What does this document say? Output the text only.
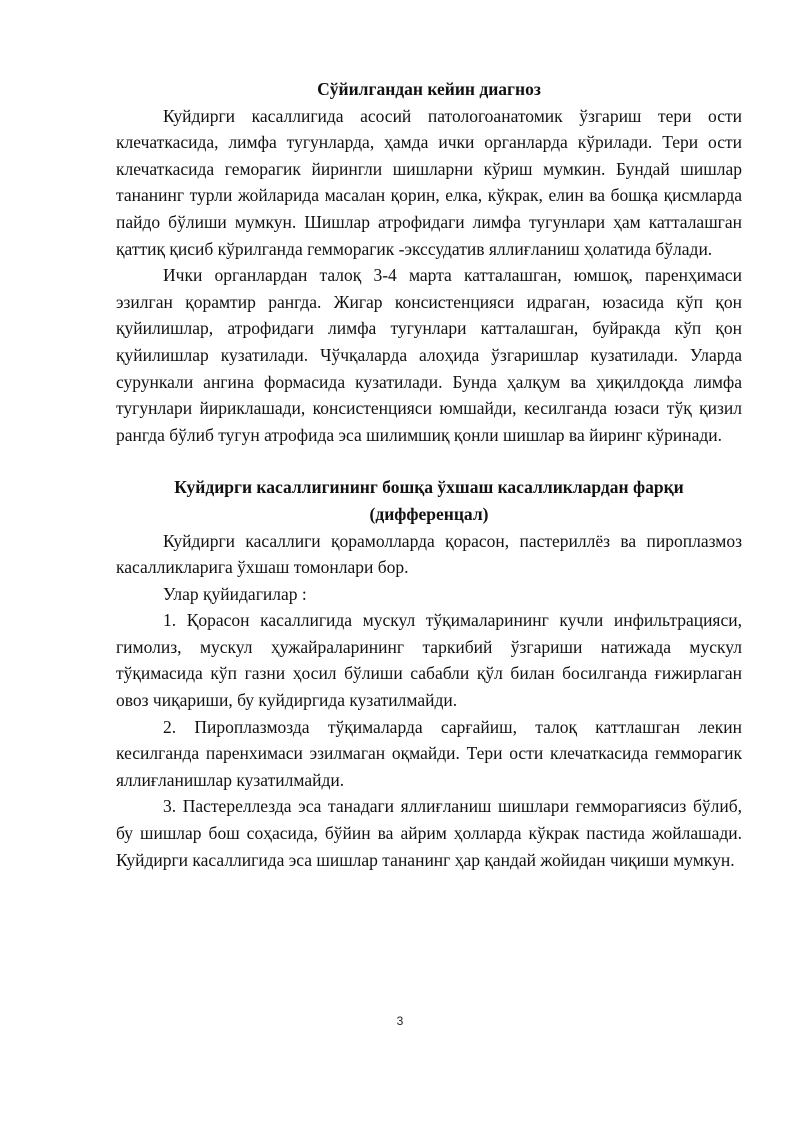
Сўйилгандан кейин диагноз

Куйдирги касаллигида асосий патологоанатомик ўзгариш тери ости клечаткасида, лимфа тугунларда, ҳамда ички органларда кўрилади. Тери ости клечаткасида геморагик йирингли шишларни кўриш мумкин. Бундай шишлар тананинг турли жойларида масалан қорин, елка, кўкрак, елин ва бошқа қисмларда пайдо бўлиши мумкун. Шишлар атрофидаги лимфа тугунлари ҳам катталашган қаттиқ қисиб кўрилганда гемморагик -экссудатив яллиғланиш ҳолатида бўлади.

Ички органлардан талоқ 3-4 марта катталашган, юмшоқ, паренҳимаси эзилган қорамтир рангда. Жигар консистенцияси идраган, юзасида кўп қон қуйилишлар, атрофидаги лимфа тугунлари катталашган, буйракда кўп қон қуйилишлар кузатилади. Чўчқаларда алоҳида ўзгаришлар кузатилади. Уларда сурункали ангина формасида кузатилади. Бунда ҳалқум ва ҳиқилдоқда лимфа тугунлари йириклашади, консистенцияси юмшайди, кесилганда юзаси тўқ қизил рангда бўлиб тугун атрофида эса шилимшиқ қонли шишлар ва йиринг кўринади.

Куйдирги касаллигининг бошқа ўхшаш касалликлардан фарқи (дифференцал)

Куйдирги касаллиги қорамолларда қорасон, пастериллёз ва пироплазмоз касалликларига ўхшаш томонлари бор.

Улар қуйидагилар :

1. Қорасон касаллигида мускул тўқималарининг кучли инфильтрацияси, гимолиз, мускул ҳужайраларининг таркибий ўзгариши натижада мускул тўқимасида кўп газни ҳосил бўлиши сабабли қўл билан босилганда ғижирлаган овоз чиқариши, бу куйдиргида кузатилмайди.

2. Пироплазмозда тўқималарда сарғайиш, талоқ каттлашган лекин кесилганда паренхимаси эзилмаган оқмайди. Тери ости клечаткасида гемморагик яллиғланишлар кузатилмайди.

3. Пастереллезда эса танадаги яллиғланиш шишлари гемморагиясиз бўлиб, бу шишлар бош соҳасида, бўйин ва айрим ҳолларда кўкрак пастида жойлашади. Куйдирги касаллигида эса шишлар тананинг ҳар қандай жойидан чиқиши мумкун.

3
